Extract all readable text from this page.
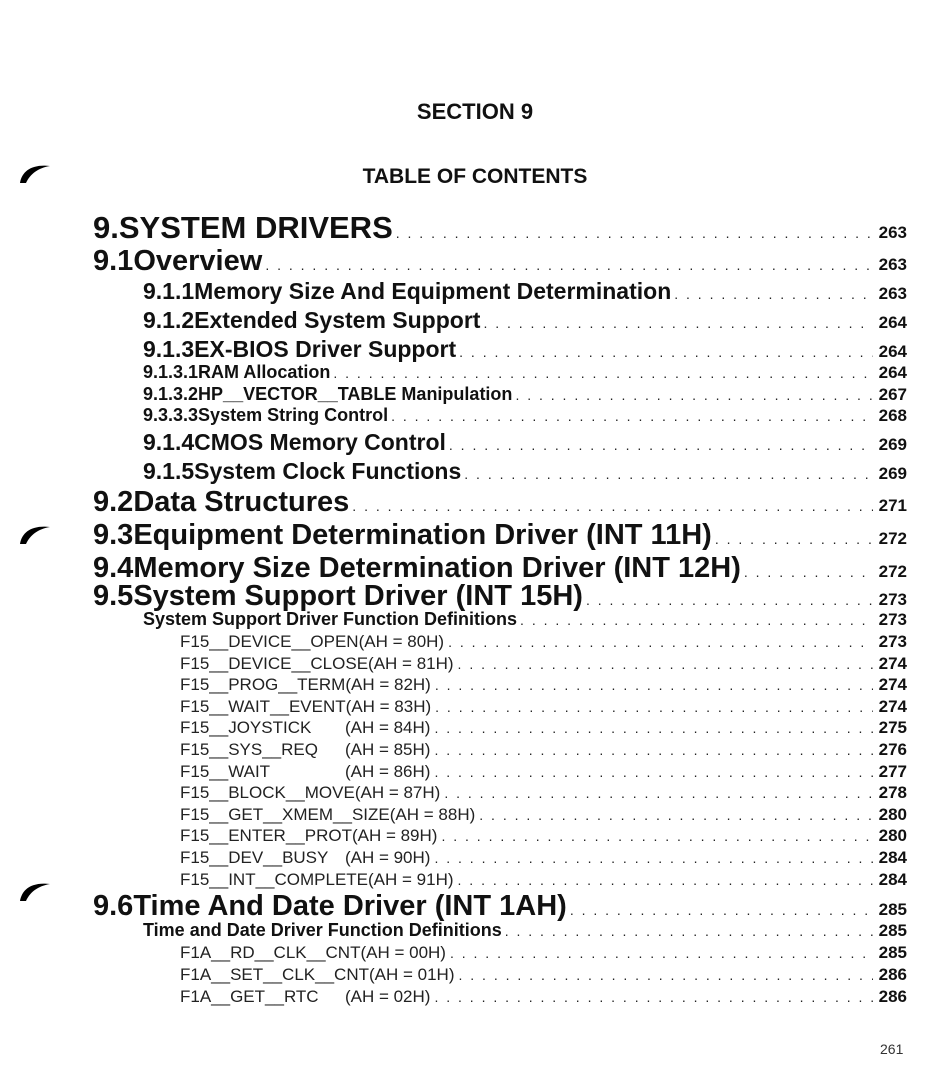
SECTION 9
TABLE OF CONTENTS
9. SYSTEM DRIVERS . . .	263
9.1 Overview . . .	263
9.1.1 Memory Size And Equipment Determination . . .	263
9.1.2 Extended System Support . . .	264
9.1.3 EX-BIOS Driver Support . . .	264
9.1.3.1 RAM Allocation . . .	264
9.1.3.2 HP__VECTOR__TABLE Manipulation . . .	267
9.3.3.3 System String Control . . .	268
9.1.4 CMOS Memory Control . . .	269
9.1.5 System Clock Functions . . .	269
9.2 Data Structures . . .	271
9.3 Equipment Determination Driver (INT 11H) . . .	272
9.4 Memory Size Determination Driver (INT 12H) . . .	272
9.5 System Support Driver (INT 15H) . . .	273
System Support Driver Function Definitions . . .	273
F15__DEVICE__OPEN (AH = 80H) . . .	273
F15__DEVICE__CLOSE (AH = 81H) . . .	274
F15__PROG__TERM (AH = 82H) . . .	274
F15__WAIT__EVENT (AH = 83H) . . .	274
F15__JOYSTICK	(AH = 84H) . . .	275
F15__SYS__REQ	(AH = 85H) . . .	276
F15__WAIT	(AH = 86H) . . .	277
F15__BLOCK__MOVE (AH = 87H) . . .	278
F15__GET__XMEM__SIZE (AH = 88H) . . .	280
F15__ENTER__PROT (AH = 89H) . . .	280
F15__DEV__BUSY (AH = 90H) . . .	284
F15__INT__COMPLETE (AH = 91H) . . .	284
9.6 Time And Date Driver (INT 1AH) . . .	285
Time and Date Driver Function Definitions . . .	285
F1A__RD__CLK__CNT (AH = 00H) . . .	285
F1A__SET__CLK__CNT (AH = 01H) . . .	286
F1A__GET__RTC	(AH = 02H) . . .	286
261
